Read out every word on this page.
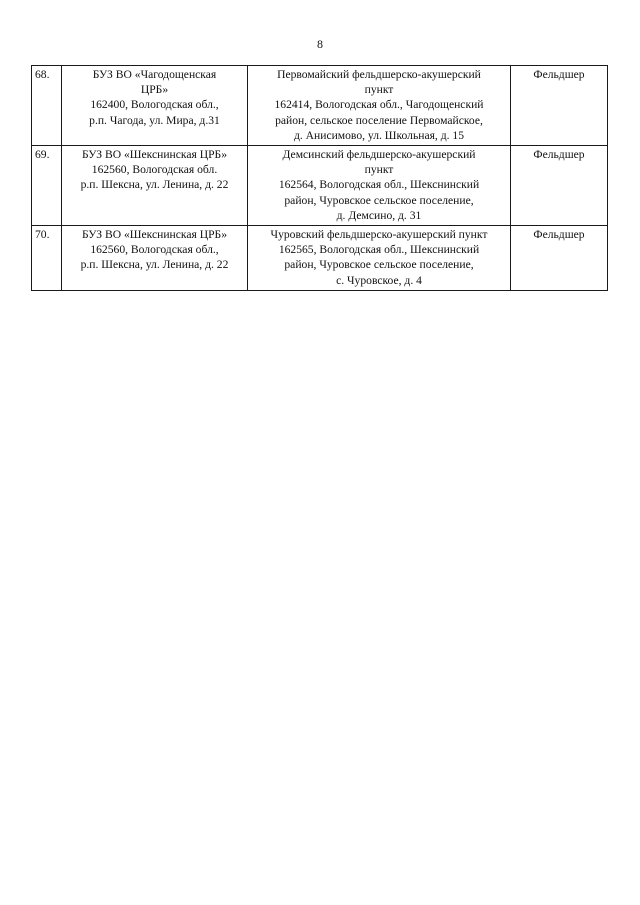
8
68.	БУЗ ВО «Чагодощенская
ЦРБ»
162400, Вологодская обл.,
р.п. Чагода, ул. Мира, д.31	Первомайский фельдшерско-акушерский
пункт
162414, Вологодская обл., Чагодощенский
район, сельское поселение Первомайское,
д. Анисимово, ул. Школьная, д. 15	Фельдшер
69.	БУЗ ВО «Шекснинская ЦРБ»
162560, Вологодская обл.
р.п. Шексна, ул. Ленина, д. 22	Демсинский фельдшерско-акушерский
пункт
162564, Вологодская обл., Шекснинский
район, Чуровское сельское поселение,
д. Демсино, д. 31	Фельдшер
70.	БУЗ ВО «Шекснинская ЦРБ»
162560, Вологодская обл.,
р.п. Шексна, ул. Ленина, д. 22	Чуровский фельдшерско-акушерский пункт
162565, Вологодская обл., Шекснинский
район, Чуровское сельское поселение,
с. Чуровское, д. 4	Фельдшер
